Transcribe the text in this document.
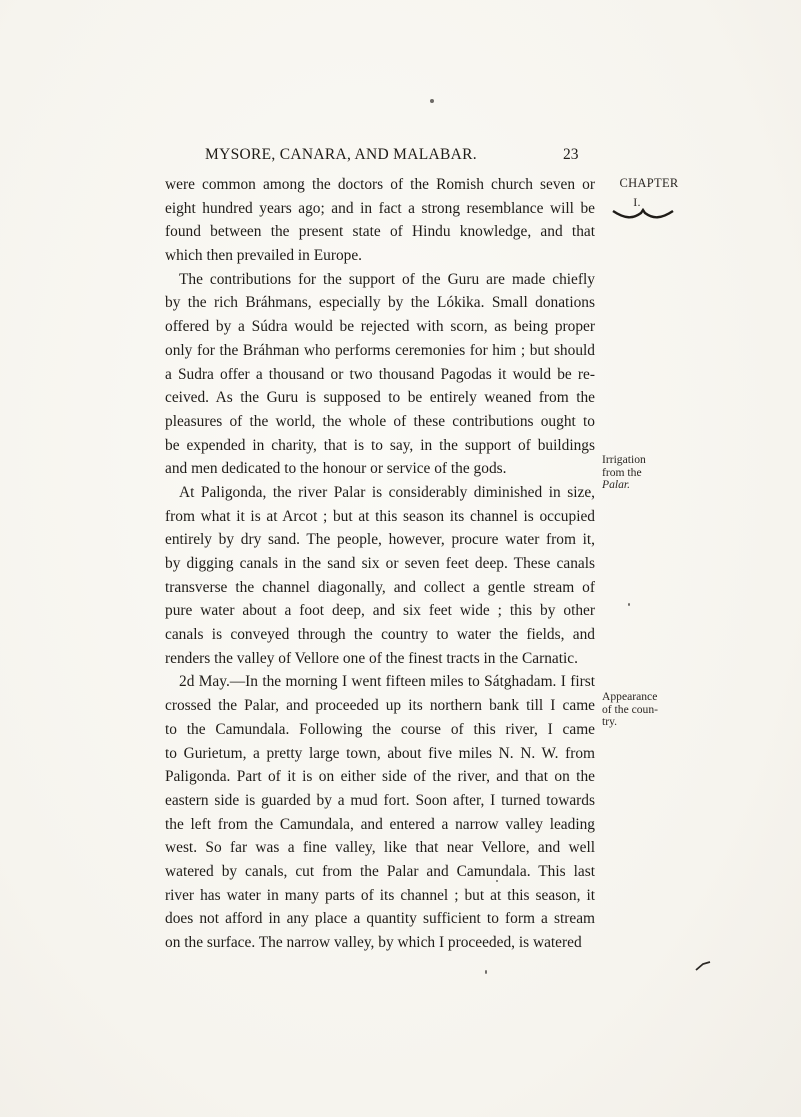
MYSORE, CANARA, AND MALABAR.	23
CHAPTER
I.
Irrigation
from the
Palar.
Appearance
of the coun-
try.
were common among the doctors of the Romish church seven or
eight hundred years ago; and in fact a strong resemblance will be
found between the present state of Hindu knowledge, and that
which then prevailed in Europe.
The contributions for the support of the Guru are made chiefly
by the rich Bráhmans, especially by the Lókika. Small donations
offered by a Súdra would be rejected with scorn, as being proper
only for the Bráhman who performs ceremonies for him ; but should
a Sudra offer a thousand or two thousand Pagodas it would be re-
ceived. As the Guru is supposed to be entirely weaned from the
pleasures of the world, the whole of these contributions ought to
be expended in charity, that is to say, in the support of buildings
and men dedicated to the honour or service of the gods.
At Paligonda, the river Palar is considerably diminished in size,
from what it is at Arcot ; but at this season its channel is occupied
entirely by dry sand. The people, however, procure water from it,
by digging canals in the sand six or seven feet deep. These canals
transverse the channel diagonally, and collect a gentle stream of
pure water about a foot deep, and six feet wide ; this by other
canals is conveyed through the country to water the fields, and
renders the valley of Vellore one of the finest tracts in the Carnatic.
2d May.—In the morning I went fifteen miles to Sátghadam. I first
crossed the Palar, and proceeded up its northern bank till I came
to the Camundala. Following the course of this river, I came
to Gurietum, a pretty large town, about five miles N. N. W. from
Paligonda. Part of it is on either side of the river, and that on the
eastern side is guarded by a mud fort. Soon after, I turned towards
the left from the Camundala, and entered a narrow valley leading
west. So far was a fine valley, like that near Vellore, and well
watered by canals, cut from the Palar and Camundala. This last
river has water in many parts of its channel ; but at this season, it
does not afford in any place a quantity sufficient to form a stream
on the surface. The narrow valley, by which I proceeded, is watered
